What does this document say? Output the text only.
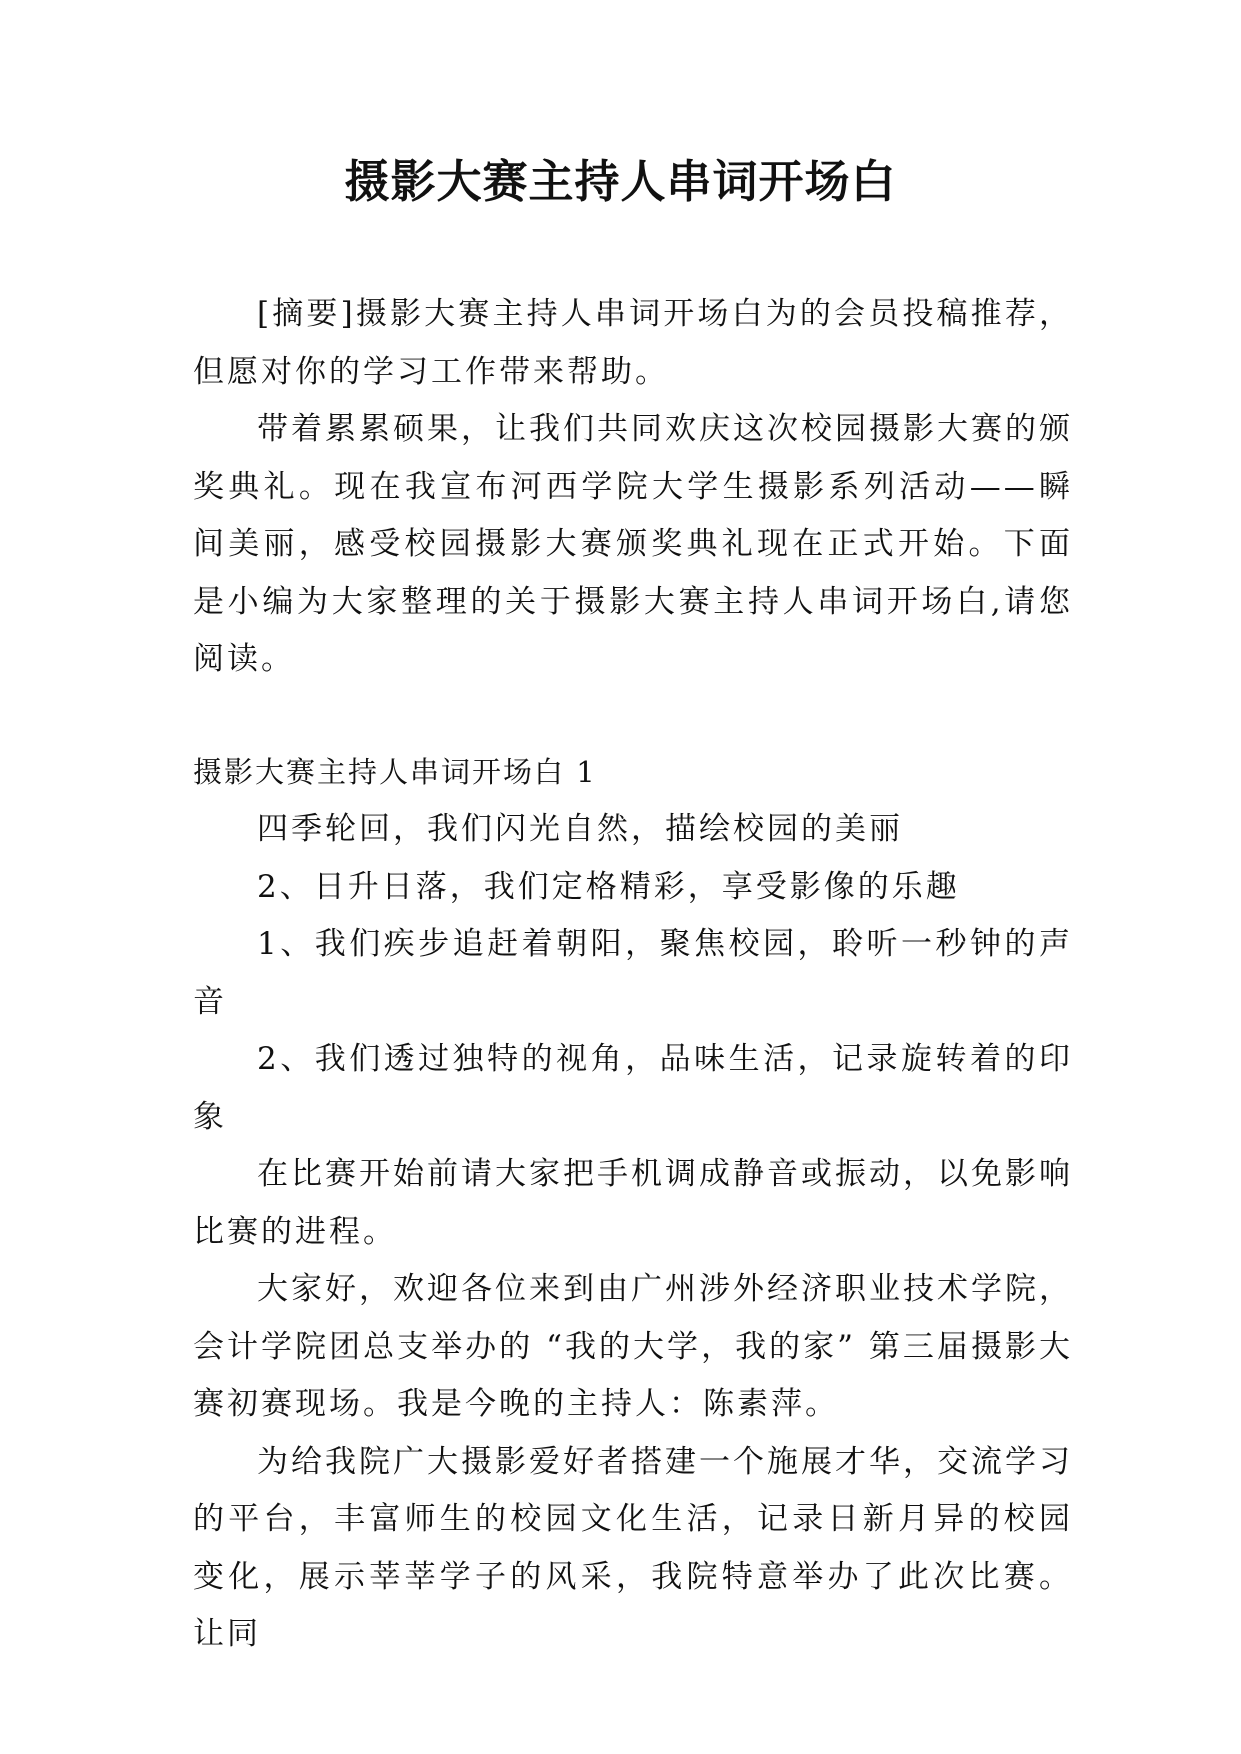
摄影大赛主持人串词开场白

[摘要]摄影大赛主持人串词开场白为的会员投稿推荐，但愿对你的学习工作带来帮助。

带着累累硕果，让我们共同欢庆这次校园摄影大赛的颁奖典礼。现在我宣布河西学院大学生摄影系列活动——瞬间美丽，感受校园摄影大赛颁奖典礼现在正式开始。下面是小编为大家整理的关于摄影大赛主持人串词开场白,请您阅读。

摄影大赛主持人串词开场白 1

四季轮回，我们闪光自然，描绘校园的美丽

2、日升日落，我们定格精彩，享受影像的乐趣

1、我们疾步追赶着朝阳，聚焦校园，聆听一秒钟的声音

2、我们透过独特的视角，品味生活，记录旋转着的印象

在比赛开始前请大家把手机调成静音或振动，以免影响比赛的进程。

大家好，欢迎各位来到由广州涉外经济职业技术学院，会计学院团总支举办的 “我的大学，我的家” 第三届摄影大赛初赛现场。我是今晚的主持人：陈素萍。

为给我院广大摄影爱好者搭建一个施展才华，交流学习的平台，丰富师生的校园文化生活，记录日新月异的校园变化，展示莘莘学子的风采，我院特意举办了此次比赛。让同
